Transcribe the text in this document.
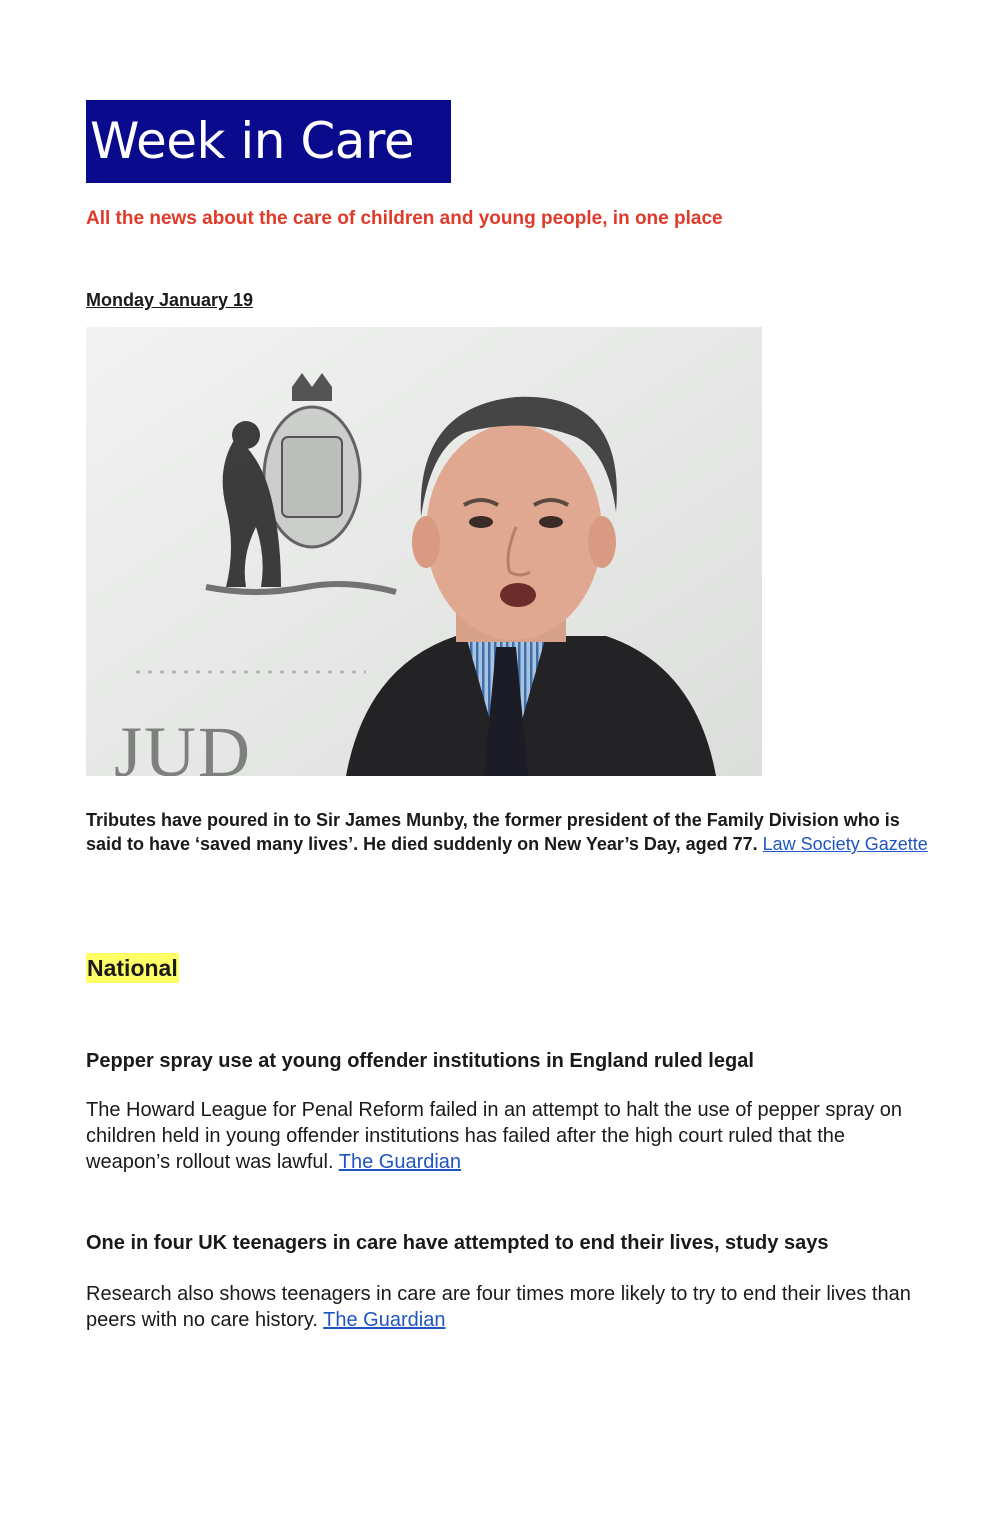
Week in Care
All the news about the care of children and young people, in one place
Monday January 19
JUD
Tributes have poured in to Sir James Munby, the former president of the Family Division who is said to have ‘saved many lives’. He died suddenly on New Year’s Day, aged 77. Law Society Gazette
National
Pepper spray use at young offender institutions in England ruled legal
The Howard League for Penal Reform failed in an attempt to halt the use of pepper spray on children held in young offender institutions has failed after the high court ruled that the weapon’s rollout was lawful. The Guardian
One in four UK teenagers in care have attempted to end their lives, study says
Research also shows teenagers in care are four times more likely to try to end their lives than peers with no care history. The Guardian
